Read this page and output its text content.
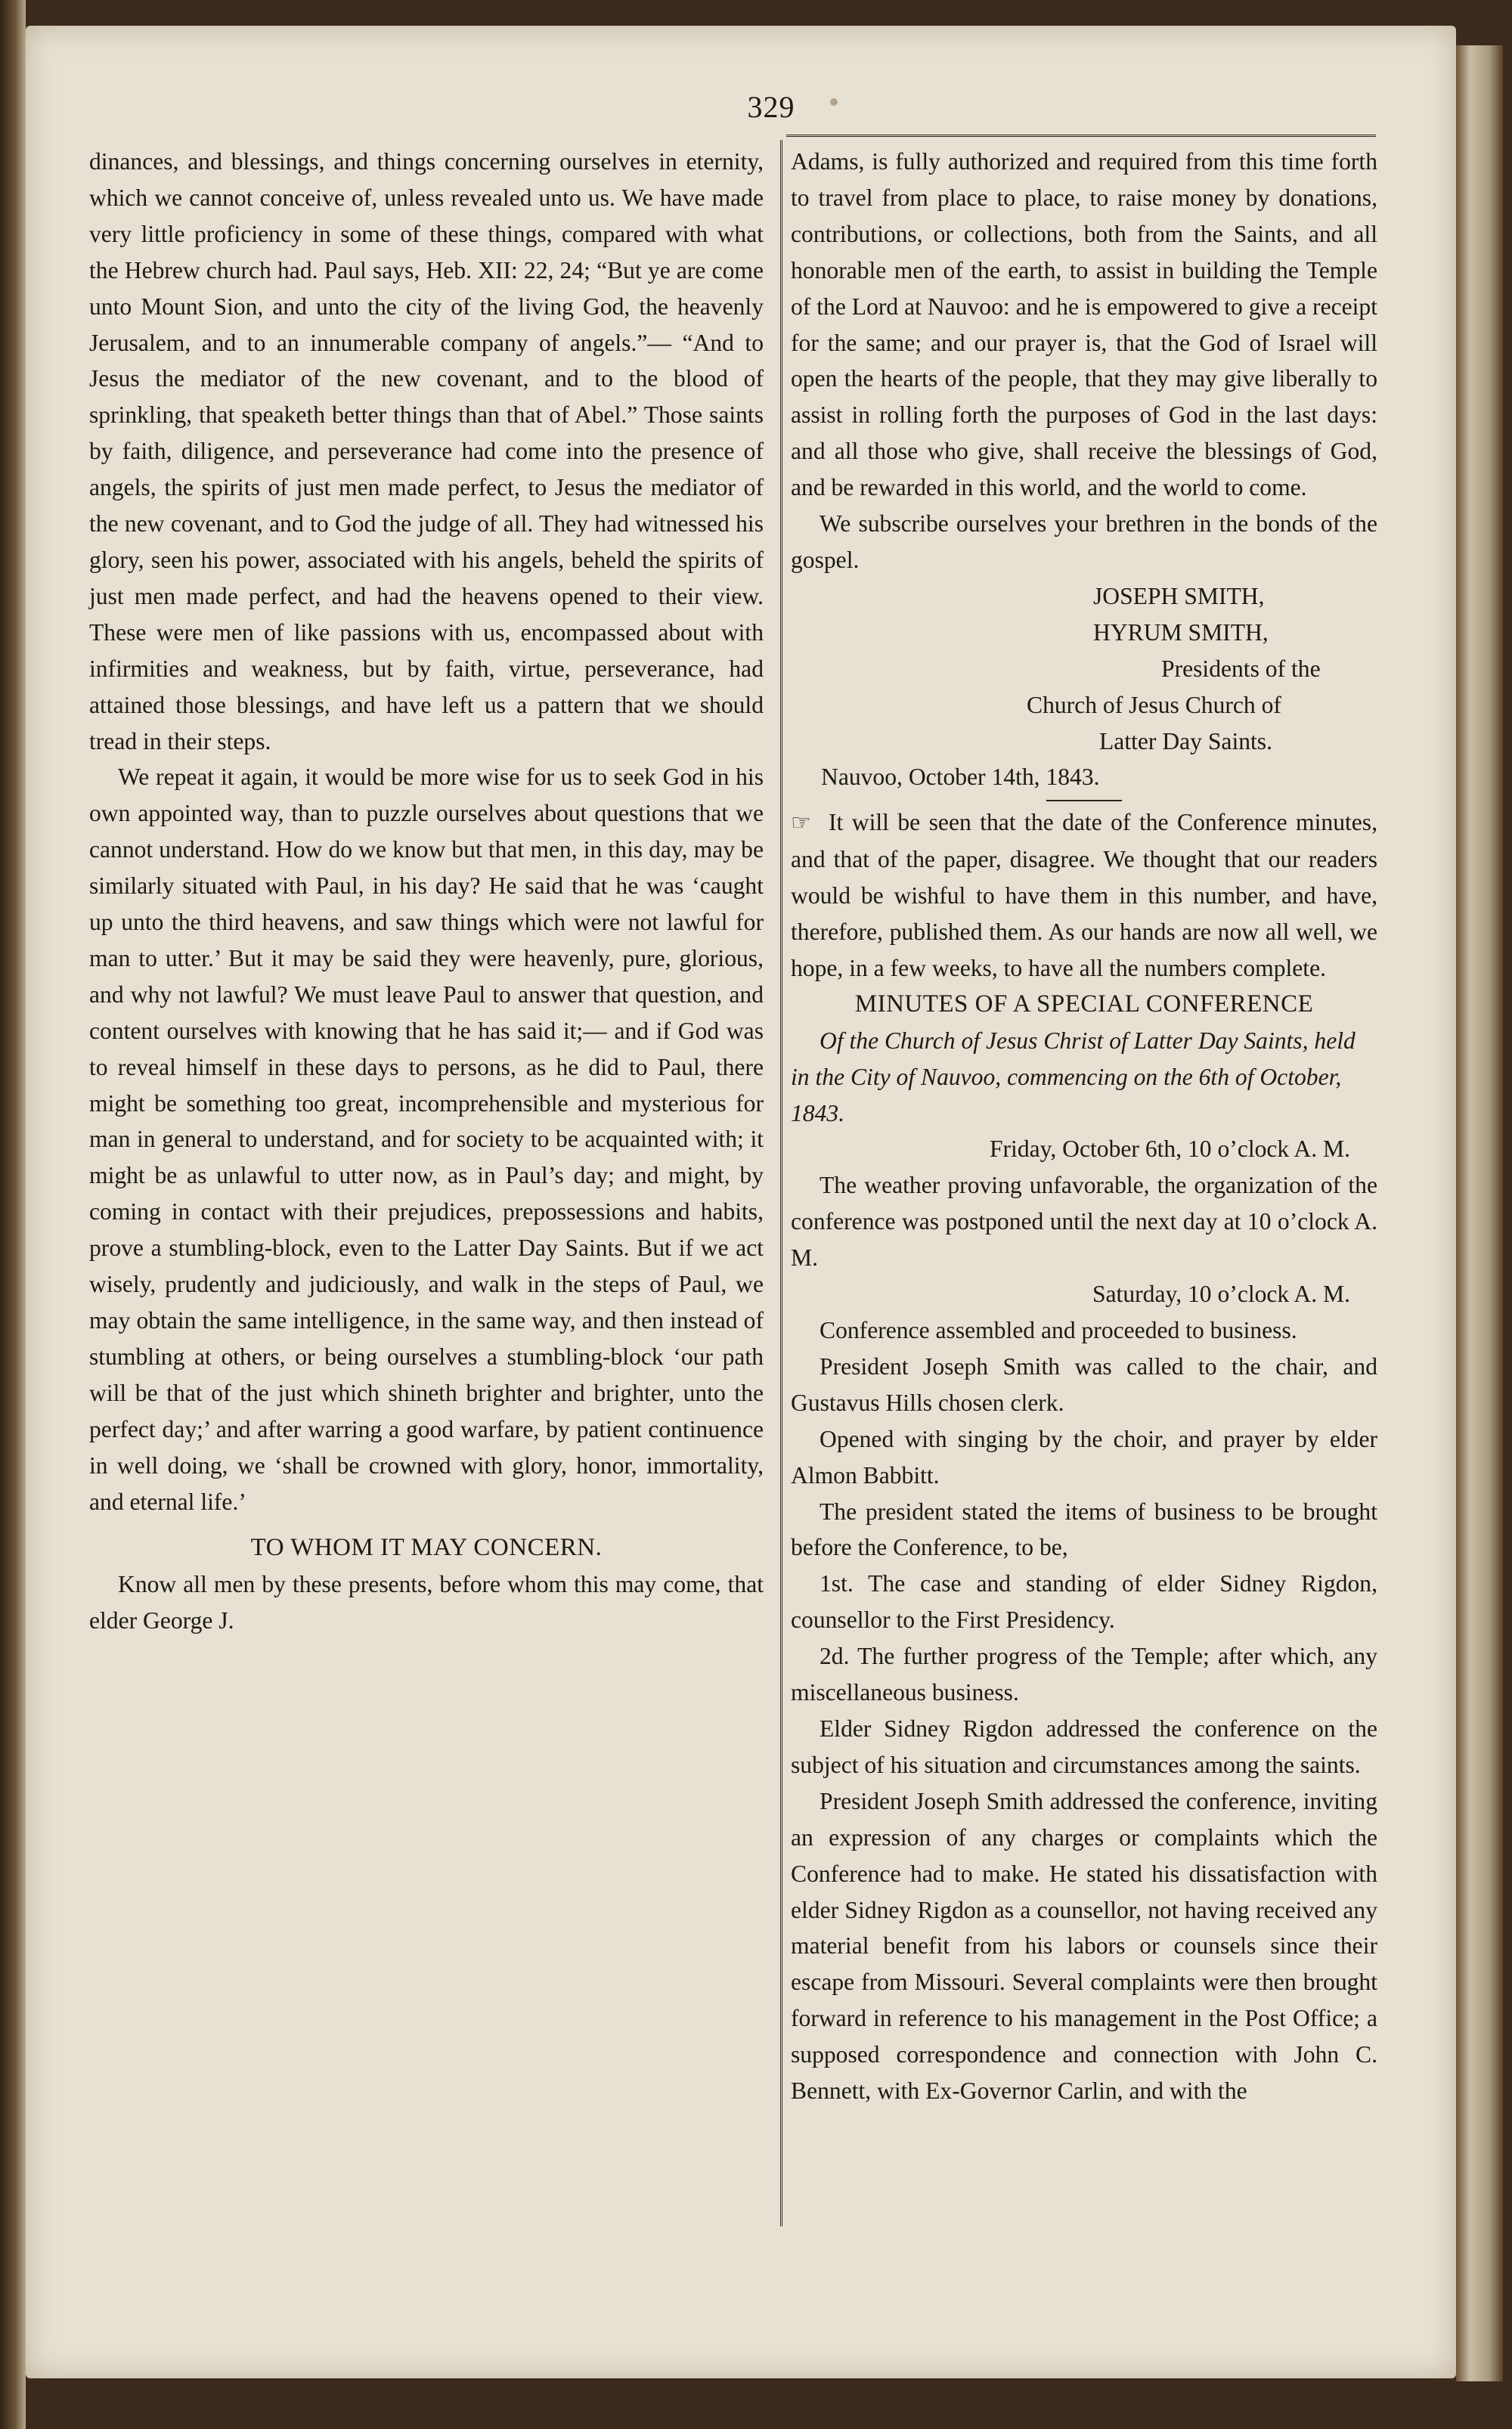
329

dinances, and blessings, and things concerning ourselves in eternity, which we cannot conceive of, unless revealed unto us. We have made very little proficiency in some of these things, compared with what the Hebrew church had. Paul says, Heb. XII: 22, 24; “But ye are come unto Mount Sion, and unto the city of the living God, the heavenly Jerusalem, and to an innumerable company of angels.”— “And to Jesus the mediator of the new covenant, and to the blood of sprinkling, that speaketh better things than that of Abel.” Those saints by faith, diligence, and perseverance had come into the presence of angels, the spirits of just men made perfect, to Jesus the mediator of the new covenant, and to God the judge of all. They had witnessed his glory, seen his power, associated with his angels, beheld the spirits of just men made perfect, and had the heavens opened to their view. These were men of like passions with us, encompassed about with infirmities and weakness, but by faith, virtue, perseverance, had attained those blessings, and have left us a pattern that we should tread in their steps.

We repeat it again, it would be more wise for us to seek God in his own appointed way, than to puzzle ourselves about questions that we cannot understand. How do we know but that men, in this day, may be similarly situated with Paul, in his day? He said that he was ‘caught up unto the third heavens, and saw things which were not lawful for man to utter.’ But it may be said they were heavenly, pure, glorious, and why not lawful? We must leave Paul to answer that question, and content ourselves with knowing that he has said it;— and if God was to reveal himself in these days to persons, as he did to Paul, there might be something too great, incomprehensible and mysterious for man in general to understand, and for society to be acquainted with; it might be as unlawful to utter now, as in Paul’s day; and might, by coming in contact with their prejudices, prepossessions and habits, prove a stumbling-block, even to the Latter Day Saints. But if we act wisely, prudently and judiciously, and walk in the steps of Paul, we may obtain the same intelligence, in the same way, and then instead of stumbling at others, or being ourselves a stumbling-block ‘our path will be that of the just which shineth brighter and brighter, unto the perfect day;’ and after warring a good warfare, by patient continuence in well doing, we ‘shall be crowned with glory, honor, immortality, and eternal life.’

TO WHOM IT MAY CONCERN.

Know all men by these presents, before whom this may come, that elder George J.

Adams, is fully authorized and required from this time forth to travel from place to place, to raise money by donations, contributions, or collections, both from the Saints, and all honorable men of the earth, to assist in building the Temple of the Lord at Nauvoo: and he is empowered to give a receipt for the same; and our prayer is, that the God of Israel will open the hearts of the people, that they may give liberally to assist in rolling forth the purposes of God in the last days: and all those who give, shall receive the blessings of God, and be rewarded in this world, and the world to come.

We subscribe ourselves your brethren in the bonds of the gospel.

JOSEPH SMITH,

HYRUM SMITH,

Presidents of the

Church of Jesus Church of

Latter Day Saints.

Nauvoo, October 14th, 1843.

☞ It will be seen that the date of the Conference minutes, and that of the paper, disagree. We thought that our readers would be wishful to have them in this number, and have, therefore, published them. As our hands are now all well, we hope, in a few weeks, to have all the numbers complete.

MINUTES OF A SPECIAL CONFERENCE

Of the Church of Jesus Christ of Latter Day Saints, held in the City of Nauvoo, commencing on the 6th of October, 1843.

Friday, October 6th, 10 o’clock A. M.

The weather proving unfavorable, the organization of the conference was postponed until the next day at 10 o’clock A. M.

Saturday, 10 o’clock A. M.

Conference assembled and proceeded to business.

President Joseph Smith was called to the chair, and Gustavus Hills chosen clerk.

Opened with singing by the choir, and prayer by elder Almon Babbitt.

The president stated the items of business to be brought before the Conference, to be,

1st. The case and standing of elder Sidney Rigdon, counsellor to the First Presidency.

2d. The further progress of the Temple; after which, any miscellaneous business.

Elder Sidney Rigdon addressed the conference on the subject of his situation and circumstances among the saints.

President Joseph Smith addressed the conference, inviting an expression of any charges or complaints which the Conference had to make. He stated his dissatisfaction with elder Sidney Rigdon as a counsellor, not having received any material benefit from his labors or counsels since their escape from Missouri. Several complaints were then brought forward in reference to his management in the Post Office; a supposed correspondence and connection with John C. Bennett, with Ex-Governor Carlin, and with the
